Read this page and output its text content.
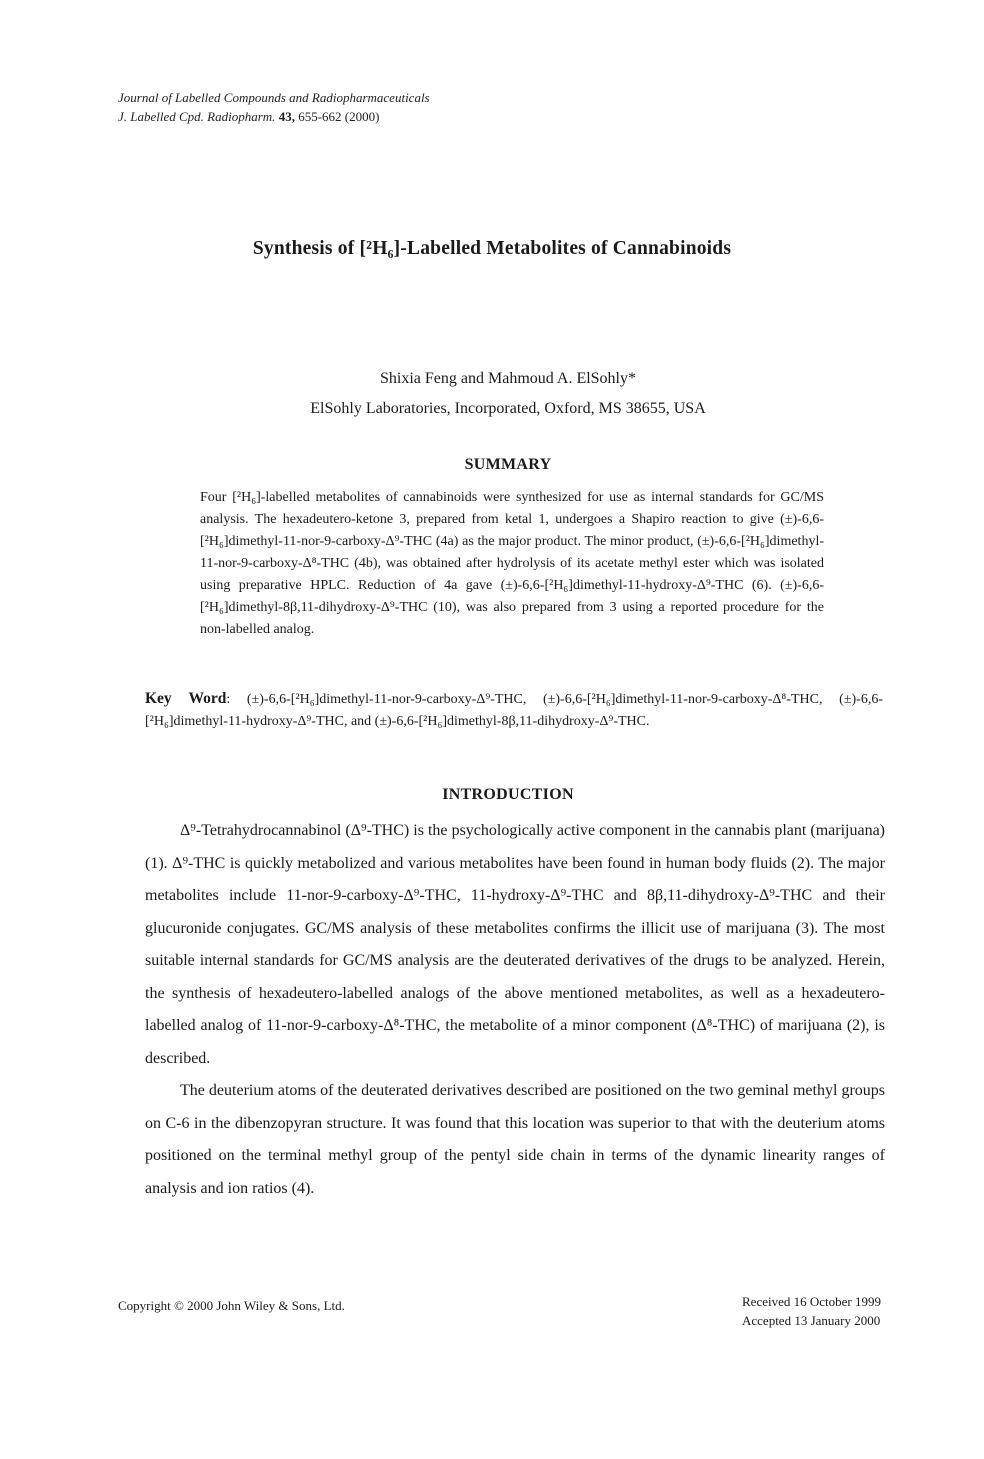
Journal of Labelled Compounds and Radiopharmaceuticals
J. Labelled Cpd. Radiopharm. 43, 655-662 (2000)
Synthesis of [²H₆]-Labelled Metabolites of Cannabinoids
Shixia Feng and Mahmoud A. ElSohly*
ElSohly Laboratories, Incorporated, Oxford, MS 38655, USA
SUMMARY
Four [²H₆]-labelled metabolites of cannabinoids were synthesized for use as internal standards for GC/MS analysis. The hexadeutero-ketone 3, prepared from ketal 1, undergoes a Shapiro reaction to give (±)-6,6-[²H₆]dimethyl-11-nor-9-carboxy-Δ⁹-THC (4a) as the major product. The minor product, (±)-6,6-[²H₆]dimethyl-11-nor-9-carboxy-Δ⁸-THC (4b), was obtained after hydrolysis of its acetate methyl ester which was isolated using preparative HPLC. Reduction of 4a gave (±)-6,6-[²H₆]dimethyl-11-hydroxy-Δ⁹-THC (6). (±)-6,6-[²H₆]dimethyl-8β,11-dihydroxy-Δ⁹-THC (10), was also prepared from 3 using a reported procedure for the non-labelled analog.
Key Word: (±)-6,6-[²H₆]dimethyl-11-nor-9-carboxy-Δ⁹-THC, (±)-6,6-[²H₆]dimethyl-11-nor-9-carboxy-Δ⁸-THC, (±)-6,6-[²H₆]dimethyl-11-hydroxy-Δ⁹-THC, and (±)-6,6-[²H₆]dimethyl-8β,11-dihydroxy-Δ⁹-THC.
INTRODUCTION

Δ⁹-Tetrahydrocannabinol (Δ⁹-THC) is the psychologically active component in the cannabis plant (marijuana) (1). Δ⁹-THC is quickly metabolized and various metabolites have been found in human body fluids (2). The major metabolites include 11-nor-9-carboxy-Δ⁹-THC, 11-hydroxy-Δ⁹-THC and 8β,11-dihydroxy-Δ⁹-THC and their glucuronide conjugates. GC/MS analysis of these metabolites confirms the illicit use of marijuana (3). The most suitable internal standards for GC/MS analysis are the deuterated derivatives of the drugs to be analyzed. Herein, the synthesis of hexadeutero-labelled analogs of the above mentioned metabolites, as well as a hexadeutero-labelled analog of 11-nor-9-carboxy-Δ⁸-THC, the metabolite of a minor component (Δ⁸-THC) of marijuana (2), is described.

The deuterium atoms of the deuterated derivatives described are positioned on the two geminal methyl groups on C-6 in the dibenzopyran structure. It was found that this location was superior to that with the deuterium atoms positioned on the terminal methyl group of the pentyl side chain in terms of the dynamic linearity ranges of analysis and ion ratios (4).

Copyright © 2000 John Wiley & Sons, Ltd.	Received 16 October 1999
Accepted 13 January 2000
